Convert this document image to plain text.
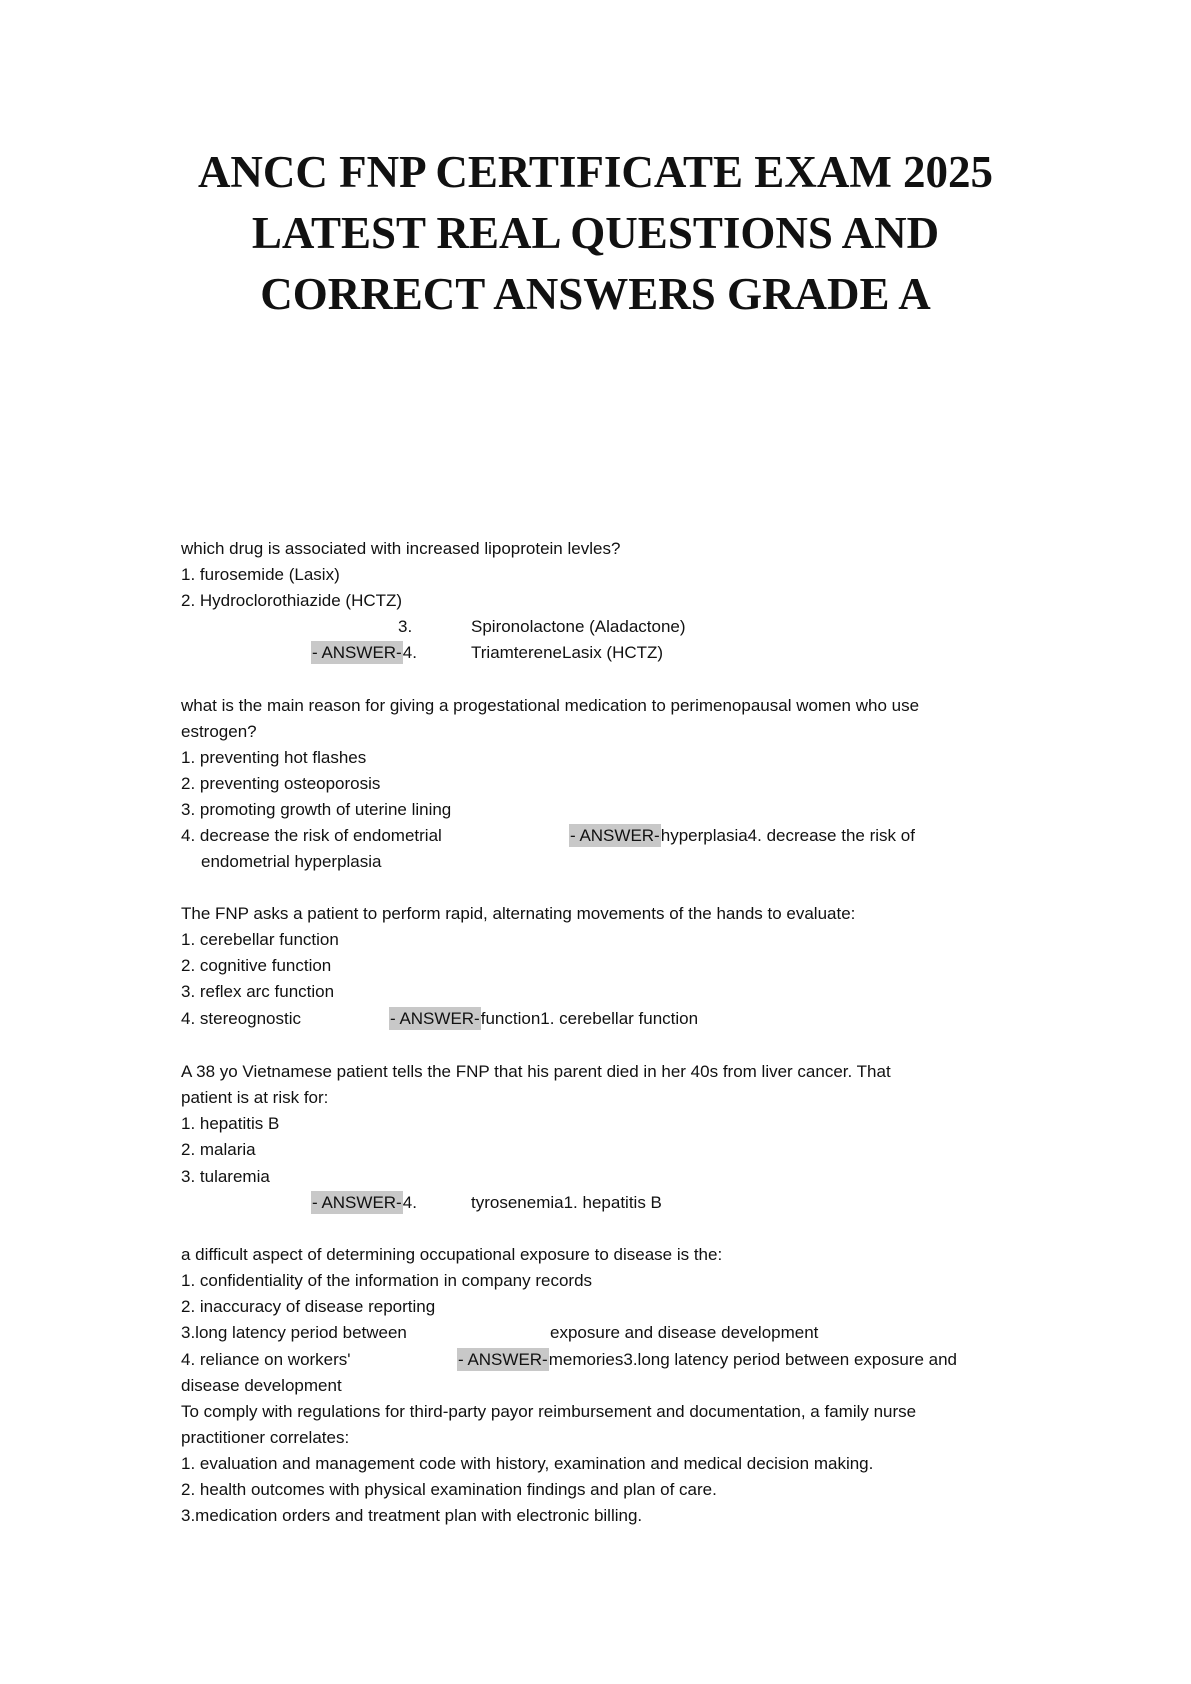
ANCC FNP CERTIFICATE EXAM 2025
LATEST REAL QUESTIONS AND
CORRECT ANSWERS GRADE A
which drug is associated with increased lipoprotein levles?
1. furosemide (Lasix)
2. Hydroclorothiazide (HCTZ)
3.	Spironolactone (Aladactone)
- ANSWER-4.	TriamtereneLasix (HCTZ)
what is the main reason for giving a progestational medication to perimenopausal women who use
estrogen?
1. preventing hot flashes
2. preventing osteoporosis
3. promoting growth of uterine lining
4. decrease the risk of endometrial	- ANSWER-hyperplasia4. decrease the risk of
endometrial hyperplasia
The FNP asks a patient to perform rapid, alternating movements of the hands to evaluate:
1. cerebellar function
2. cognitive function
3. reflex arc function
4. stereognostic	- ANSWER-function1. cerebellar function
A 38 yo Vietnamese patient tells the FNP that his parent died in her 40s from liver cancer. That
patient is at risk for:
1. hepatitis B
2. malaria
3. tularemia
- ANSWER-4.	tyrosenemia1. hepatitis B
a difficult aspect of determining occupational exposure to disease is the:
1. confidentiality of the information in company records
2. inaccuracy of disease reporting
3.long latency period between	exposure and disease development
4. reliance on workers'	- ANSWER-memories3.long latency period between exposure and
disease development
To comply with regulations for third-party payor reimbursement and documentation, a family nurse
practitioner correlates:
1. evaluation and management code with history, examination and medical decision making.
2. health outcomes with physical examination findings and plan of care.
3.medication orders and treatment plan with electronic billing.
